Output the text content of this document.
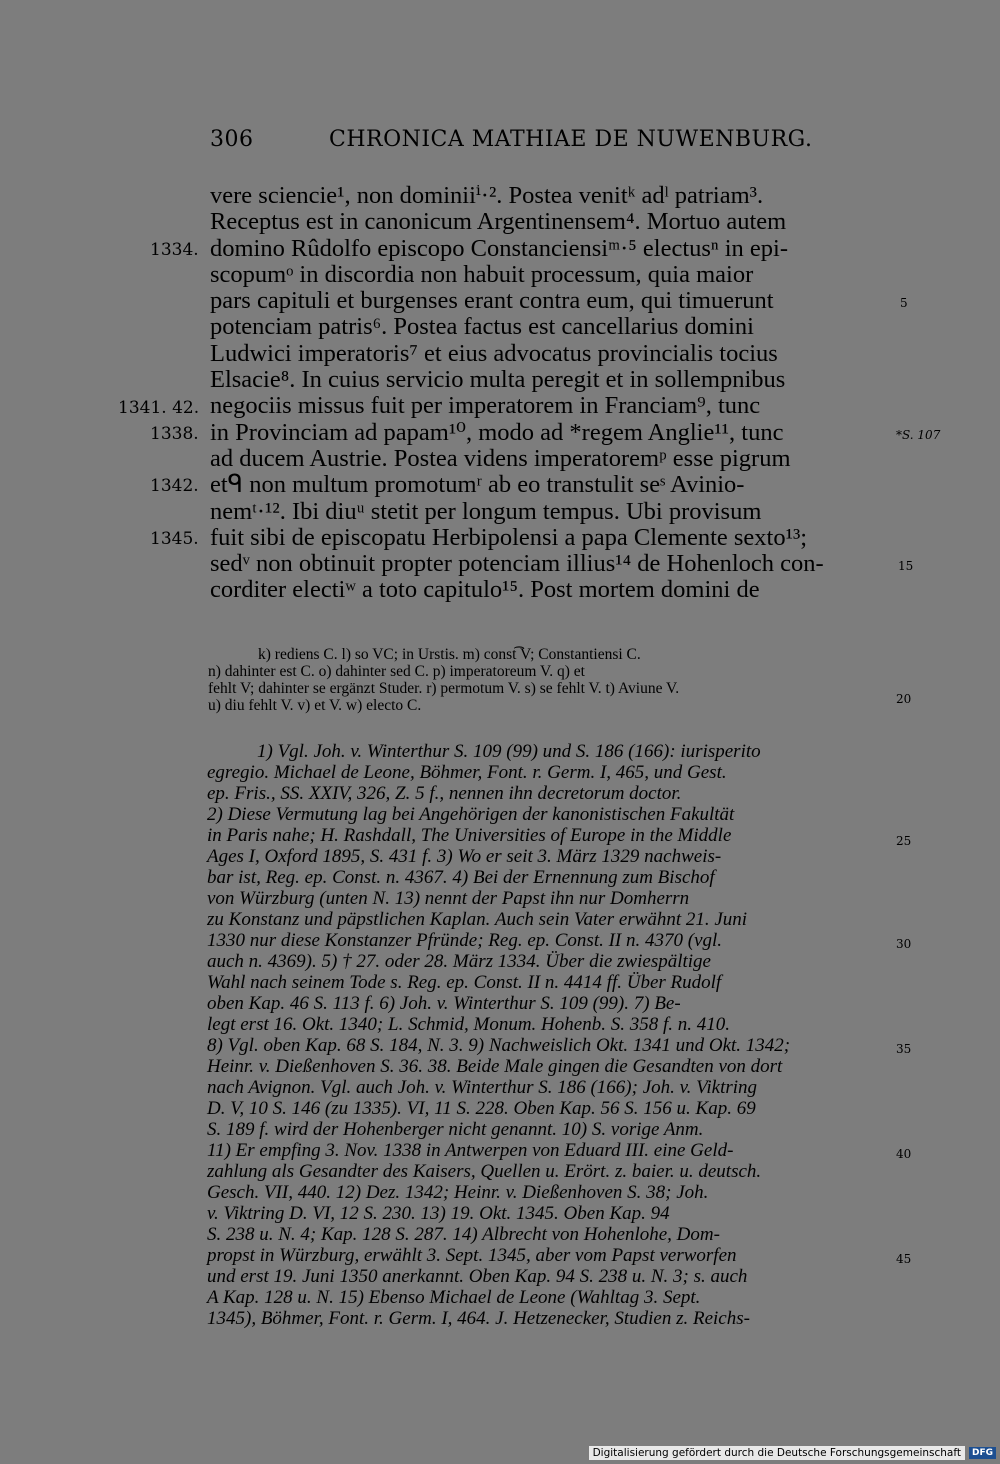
306	CHRONICA MATHIAE DE NUWENBURG.
vere sciencie¹, non dominiiⁱ·². Postea venitᵏ adˡ patriam³.
Receptus est in canonicum Argentinensem⁴. Mortuo autem
domino Rûdolfo episcopo Constanciensiᵐ·⁵ electusⁿ in epi-
scopumᵒ in discordia non habuit processum, quia maior
pars capituli et burgenses erant contra eum, qui timuerunt
potenciam patris⁶. Postea factus est cancellarius domini
Ludwici imperatoris⁷ et eius advocatus provincialis tocius
Elsacie⁸. In cuius servicio multa peregit et in sollempnibus
negociis missus fuit per imperatorem in Franciam⁹, tunc
in Provinciam ad papam¹⁰, modo ad *regem Anglie¹¹, tunc
ad ducem Austrie. Postea videns imperatoremᵖ esse pigrum
etᑫ non multum promotumʳ ab eo transtulit seˢ Avinio-
nemᵗ·¹². Ibi diuᵘ stetit per longum tempus. Ubi provisum
fuit sibi de episcopatu Herbipolensi a papa Clemente sexto¹³;
sedᵛ non obtinuit propter potenciam illius¹⁴ de Hohenloch con-
corditer electiʷ a toto capitulo¹⁵. Post mortem domini de
1334.
1341. 42.
1338.
1342.
1345.
*S. 107
5
15
20
25
30
35
40
45
k) rediens C. l) so VC; in Urstis. m) const͡ V; Constantiensi C.
n) dahinter est C. o) dahinter sed C. p) imperatoreum V. q) et
fehlt V; dahinter se ergänzt Studer. r) permotum V. s) se fehlt V. t) Aviune V.
u) diu fehlt V. v) et V. w) electo C.
1) Vgl. Joh. v. Winterthur S. 109 (99) und S. 186 (166): iurisperito
egregio. Michael de Leone, Böhmer, Font. r. Germ. I, 465, und Gest.
ep. Fris., SS. XXIV, 326, Z. 5 f., nennen ihn decretorum doctor.
2) Diese Vermutung lag bei Angehörigen der kanonistischen Fakultät
in Paris nahe; H. Rashdall, The Universities of Europe in the Middle
Ages I, Oxford 1895, S. 431 f. 3) Wo er seit 3. März 1329 nachweis-
bar ist, Reg. ep. Const. n. 4367. 4) Bei der Ernennung zum Bischof
von Würzburg (unten N. 13) nennt der Papst ihn nur Domherrn
zu Konstanz und päpstlichen Kaplan. Auch sein Vater erwähnt 21. Juni
1330 nur diese Konstanzer Pfründe; Reg. ep. Const. II n. 4370 (vgl.
auch n. 4369). 5) † 27. oder 28. März 1334. Über die zwiespältige
Wahl nach seinem Tode s. Reg. ep. Const. II n. 4414 ff. Über Rudolf
oben Kap. 46 S. 113 f. 6) Joh. v. Winterthur S. 109 (99). 7) Be-
legt erst 16. Okt. 1340; L. Schmid, Monum. Hohenb. S. 358 f. n. 410.
8) Vgl. oben Kap. 68 S. 184, N. 3. 9) Nachweislich Okt. 1341 und Okt. 1342;
Heinr. v. Dießenhoven S. 36. 38. Beide Male gingen die Gesandten von dort
nach Avignon. Vgl. auch Joh. v. Winterthur S. 186 (166); Joh. v. Viktring
D. V, 10 S. 146 (zu 1335). VI, 11 S. 228. Oben Kap. 56 S. 156 u. Kap. 69
S. 189 f. wird der Hohenberger nicht genannt. 10) S. vorige Anm.
11) Er empfing 3. Nov. 1338 in Antwerpen von Eduard III. eine Geld-
zahlung als Gesandter des Kaisers, Quellen u. Erört. z. baier. u. deutsch.
Gesch. VII, 440. 12) Dez. 1342; Heinr. v. Dießenhoven S. 38; Joh.
v. Viktring D. VI, 12 S. 230. 13) 19. Okt. 1345. Oben Kap. 94
S. 238 u. N. 4; Kap. 128 S. 287. 14) Albrecht von Hohenlohe, Dom-
propst in Würzburg, erwählt 3. Sept. 1345, aber vom Papst verworfen
und erst 19. Juni 1350 anerkannt. Oben Kap. 94 S. 238 u. N. 3; s. auch
A Kap. 128 u. N. 15) Ebenso Michael de Leone (Wahltag 3. Sept.
1345), Böhmer, Font. r. Germ. I, 464. J. Hetzenecker, Studien z. Reichs-
Digitalisierung gefördert durch die Deutsche Forschungsgemeinschaft	DFG
